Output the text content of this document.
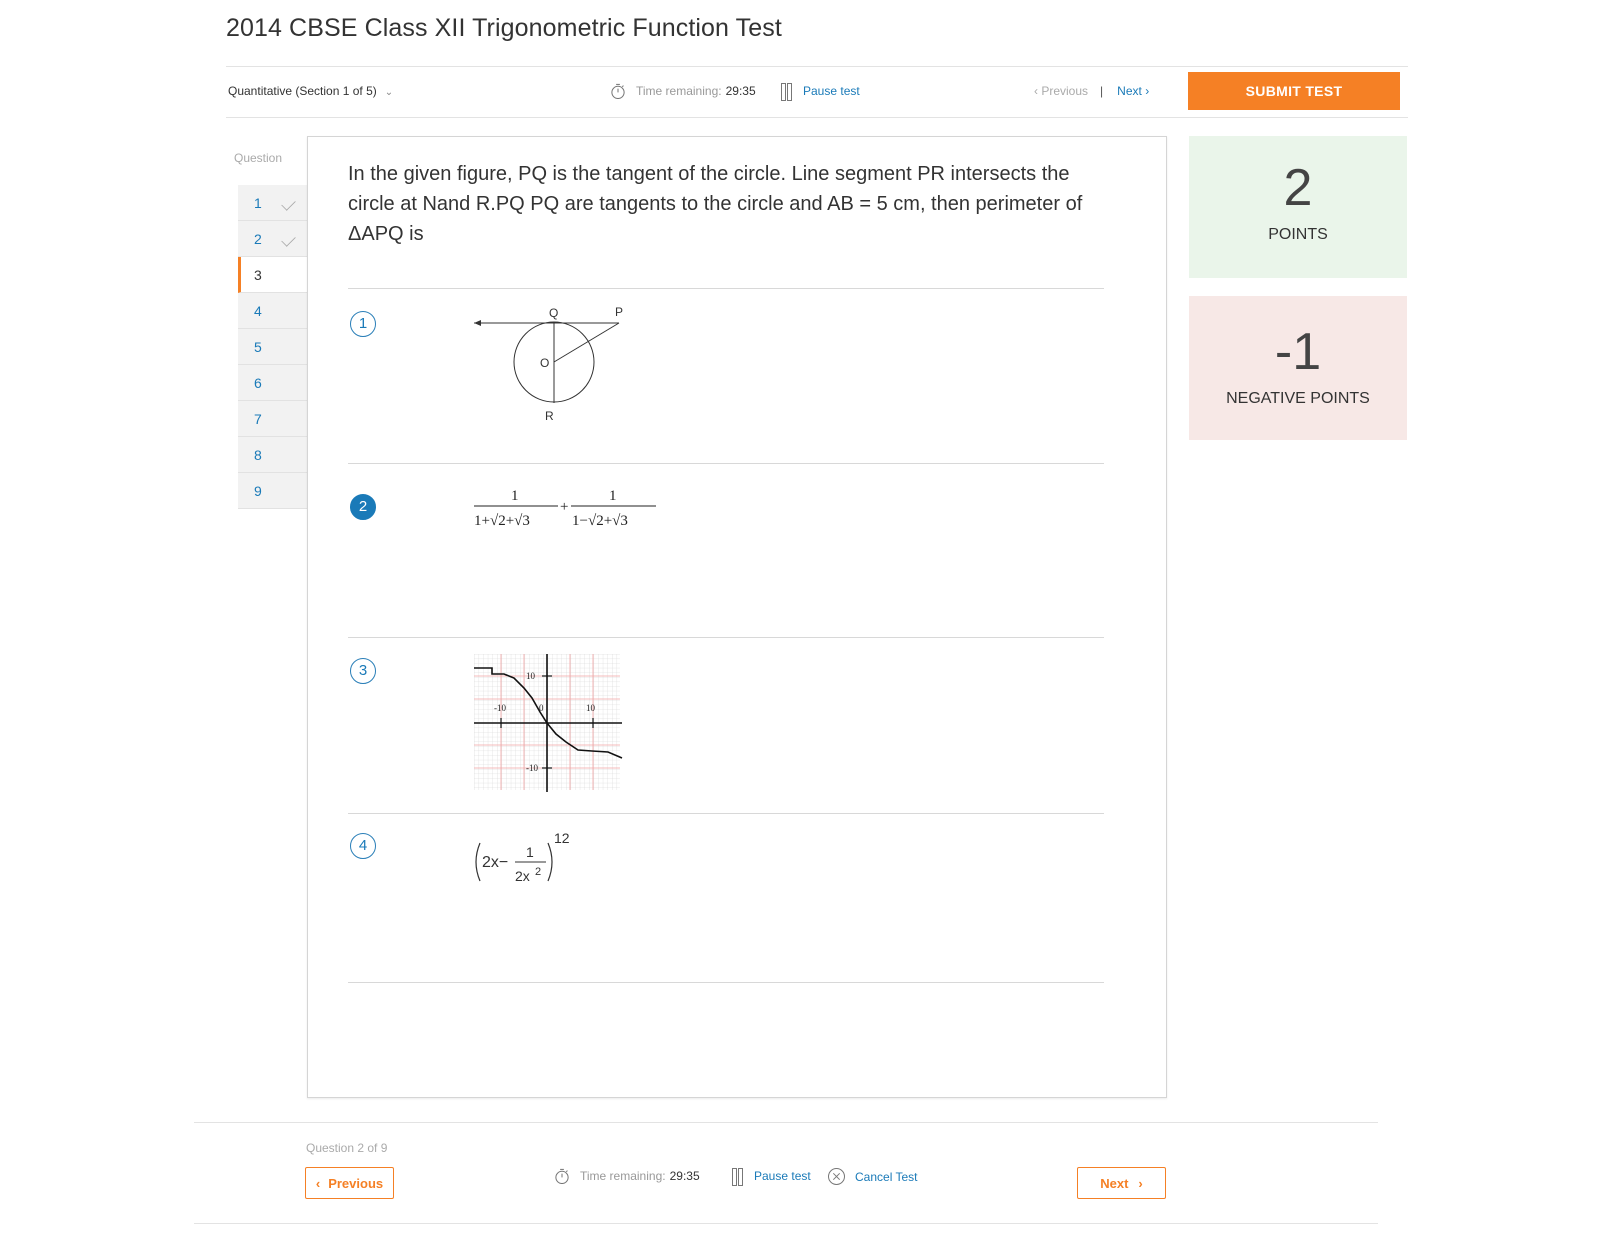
2014 CBSE Class XII Trigonometric Function Test
Quantitative (Section 1 of 5) ⌄	Time remaining: 29:35	Pause test	‹ Previous | Next ›	SUBMIT TEST
Question
1
2
3
4
5
6
7
8
9

In the given figure, PQ is the tangent of the circle. Line segment PR intersects the circle at Nand R.PQ PQ are tangents to the circle and AB = 5 cm, then perimeter of ΔAPQ is

1
Q	P
O
R
2
1
1+√2+√3
+
1
1−√2+√3
3	10
-10	0	10
-10
4
2x−
1
2x 2
12
2
POINTS
-1
NEGATIVE POINTS
Question 2 of 9
‹ Previous	Time remaining: 29:35	Pause test	Cancel Test	Next ›
